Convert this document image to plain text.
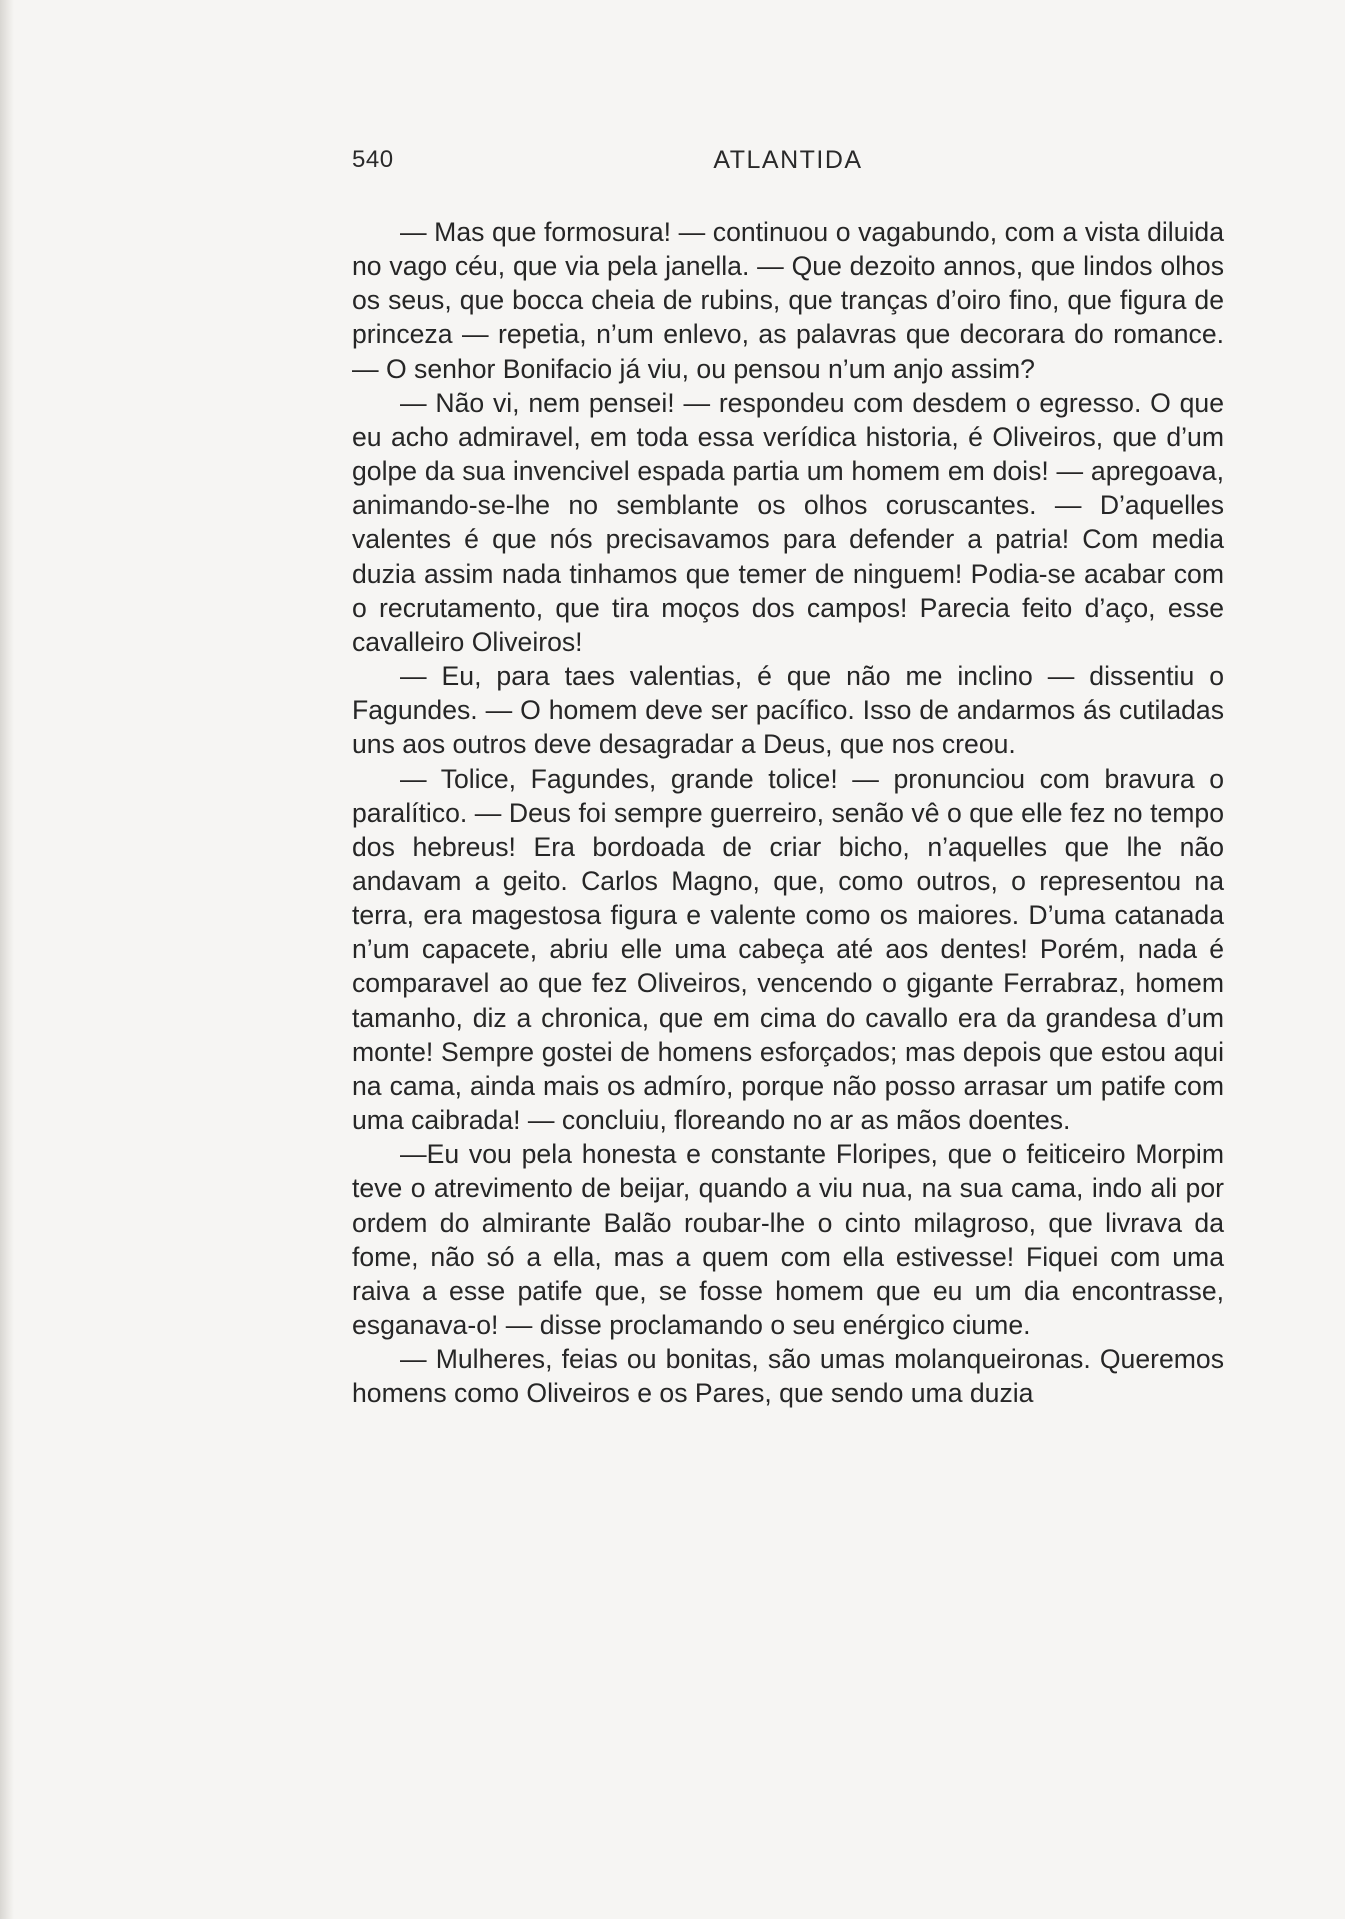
540	ATLANTIDA

— Mas que formosura! — continuou o vagabundo, com a vista diluida no vago céu, que via pela janella. — Que dezoito annos, que lindos olhos os seus, que bocca cheia de rubins, que tranças d’oiro fino, que figura de princeza — repetia, n’um enlevo, as palavras que decorara do romance. — O senhor Bonifacio já viu, ou pensou n’um anjo assim?

— Não vi, nem pensei! — respondeu com desdem o egresso. O que eu acho admiravel, em toda essa verídica historia, é Oliveiros, que d’um golpe da sua invencivel espada partia um homem em dois! — apregoava, animando-se-lhe no semblante os olhos coruscantes. — D’aquelles valentes é que nós precisavamos para defender a patria! Com media duzia assim nada tinhamos que temer de ninguem! Podia-se acabar com o recrutamento, que tira moços dos campos! Parecia feito d’aço, esse cavalleiro Oliveiros!

— Eu, para taes valentias, é que não me inclino — dissentiu o Fagundes. — O homem deve ser pacífico. Isso de andarmos ás cutiladas uns aos outros deve desagradar a Deus, que nos creou.

— Tolice, Fagundes, grande tolice! — pronunciou com bravura o paralítico. — Deus foi sempre guerreiro, senão vê o que elle fez no tempo dos hebreus! Era bordoada de criar bicho, n’aquelles que lhe não andavam a geito. Carlos Magno, que, como outros, o representou na terra, era magestosa figura e valente como os maiores. D’uma catanada n’um capacete, abriu elle uma cabeça até aos dentes! Porém, nada é comparavel ao que fez Oliveiros, vencendo o gigante Ferrabraz, homem tamanho, diz a chronica, que em cima do cavallo era da grandesa d’um monte! Sempre gostei de homens esforçados; mas depois que estou aqui na cama, ainda mais os admíro, porque não posso arrasar um patife com uma caibrada! — concluiu, floreando no ar as mãos doentes.

—Eu vou pela honesta e constante Floripes, que o feiticeiro Morpim teve o atrevimento de beijar, quando a viu nua, na sua cama, indo ali por ordem do almirante Balão roubar-lhe o cinto milagroso, que livrava da fome, não só a ella, mas a quem com ella estivesse! Fiquei com uma raiva a esse patife que, se fosse homem que eu um dia encontrasse, esganava-o! — disse proclamando o seu enérgico ciume.

— Mulheres, feias ou bonitas, são umas molanqueironas. Queremos homens como Oliveiros e os Pares, que sendo uma duzia
